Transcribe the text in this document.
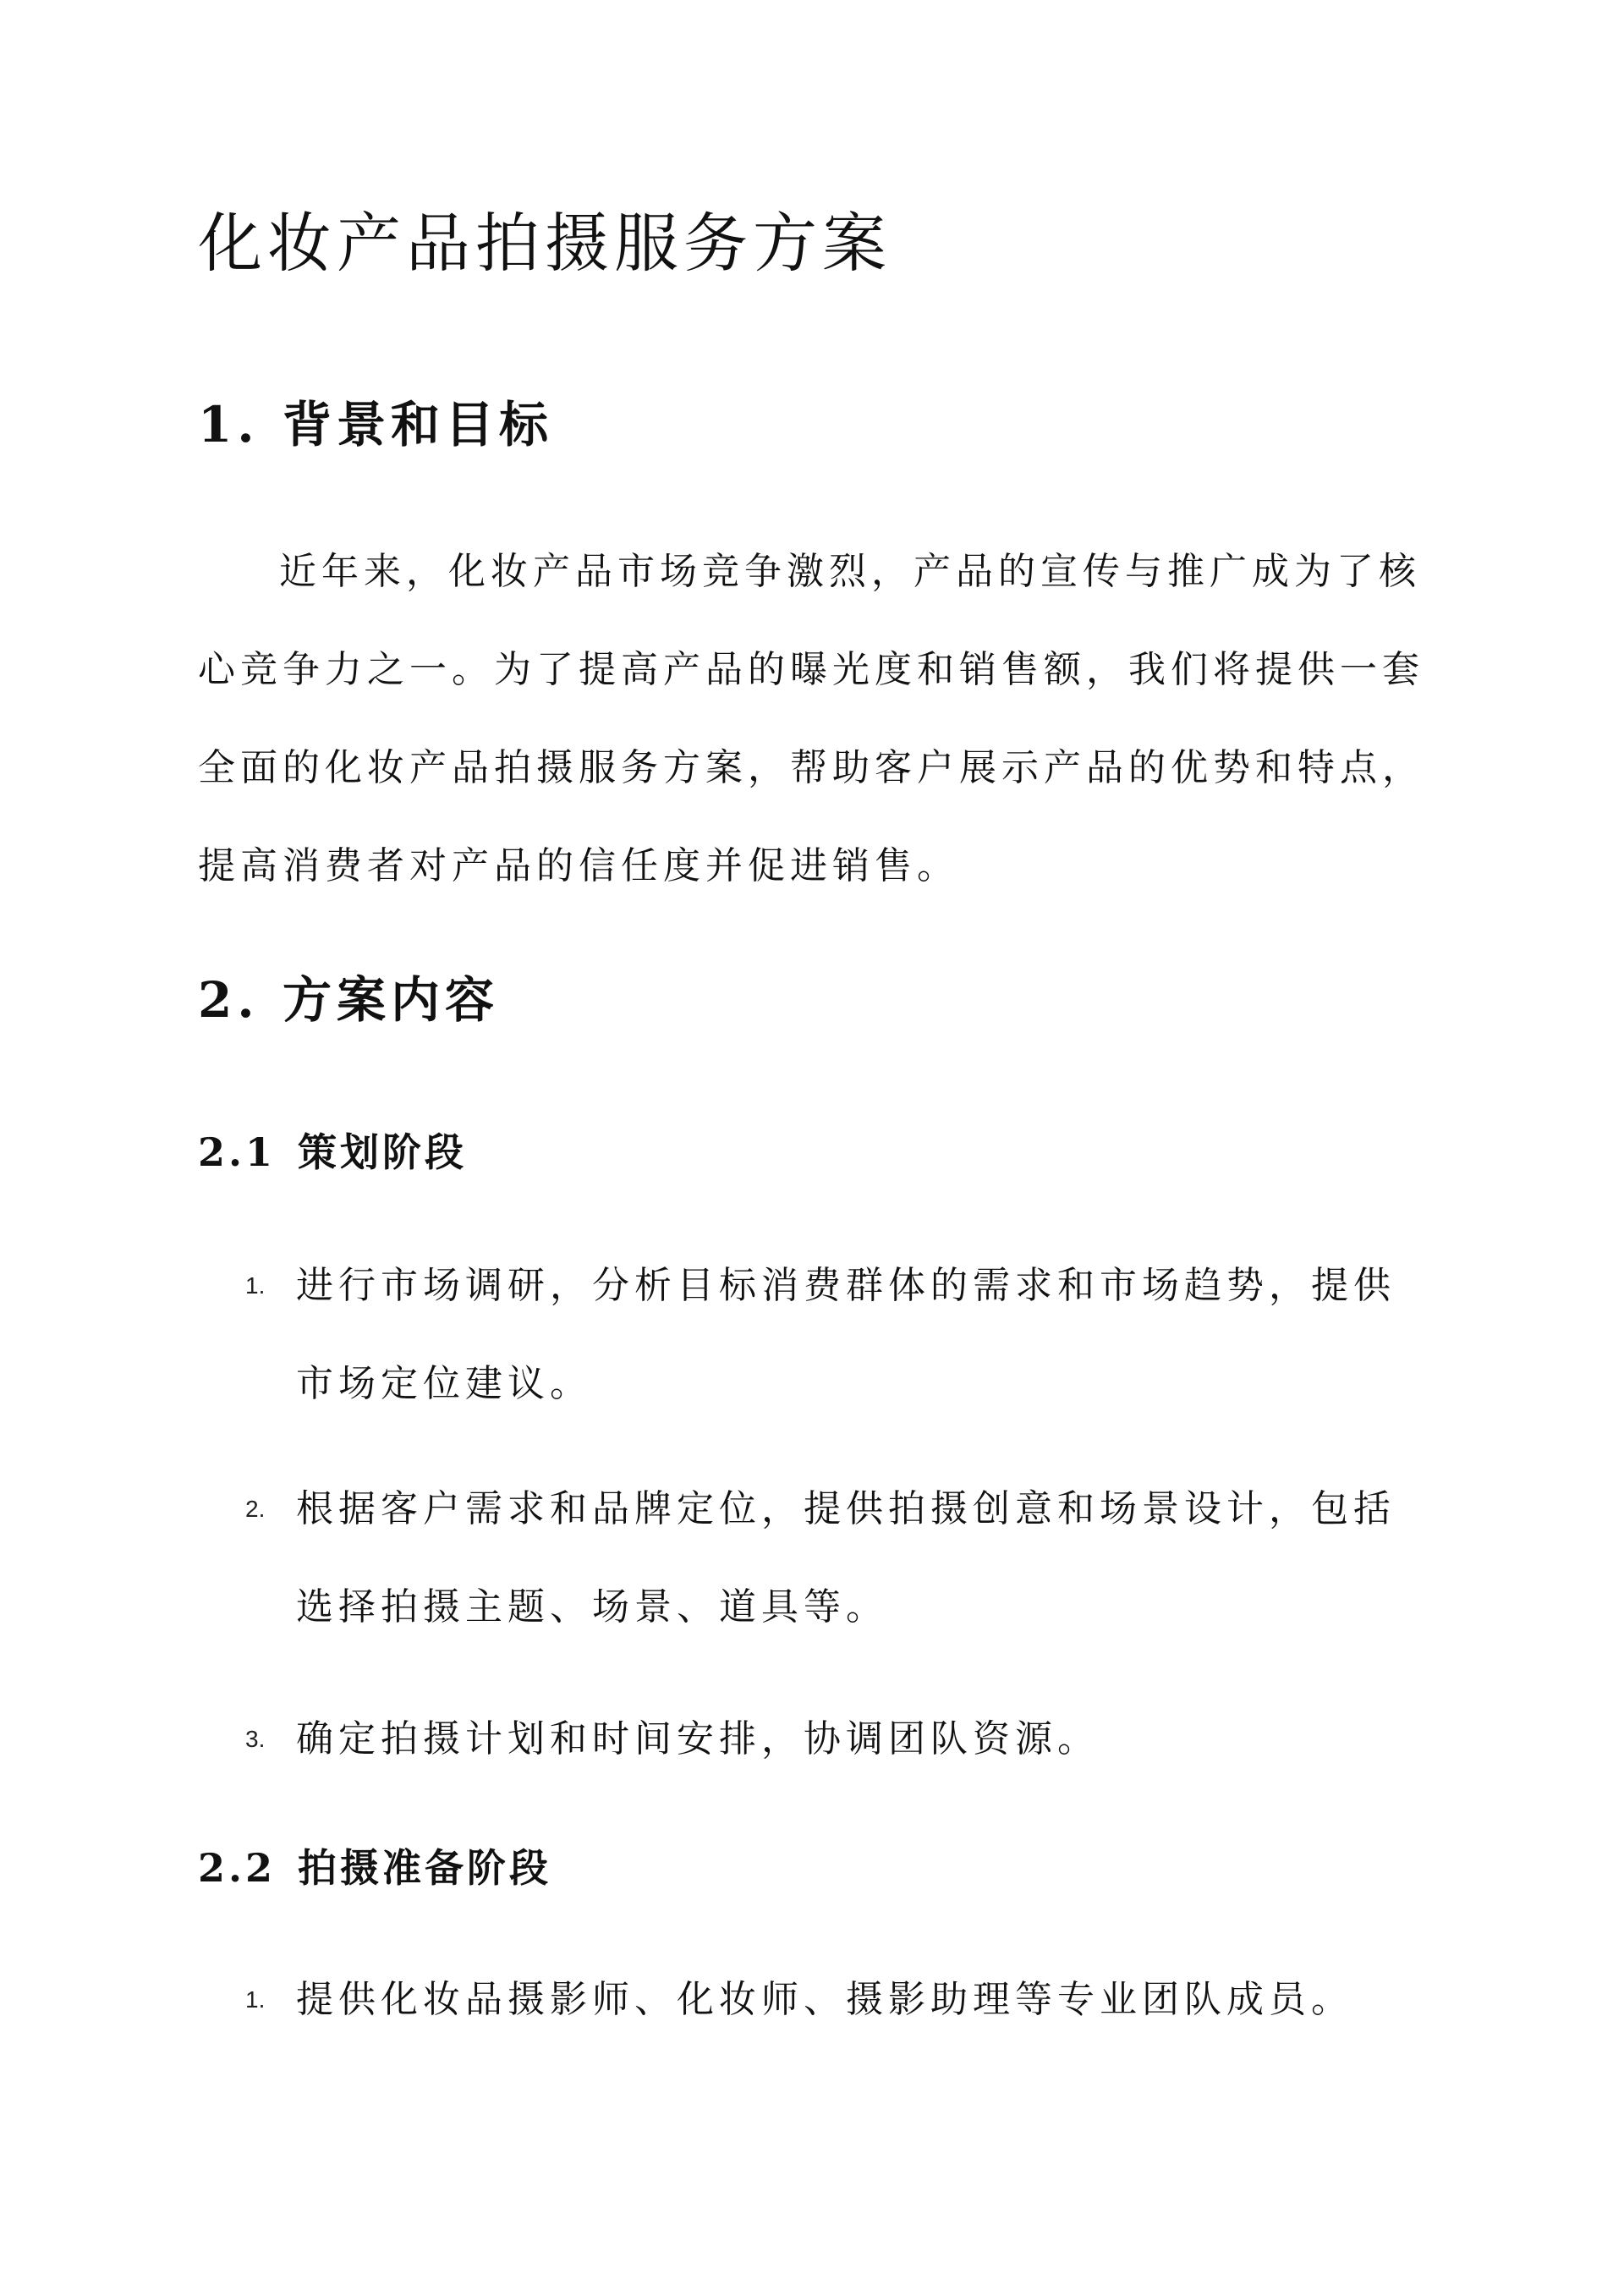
化妆产品拍摄服务方案
1. 背景和目标

近年来，化妆产品市场竞争激烈，产品的宣传与推广成为了核心竞争力之一。为了提高产品的曝光度和销售额，我们将提供一套全面的化妆产品拍摄服务方案，帮助客户展示产品的优势和特点，提高消费者对产品的信任度并促进销售。

2. 方案内容
2.1 策划阶段
1. 进行市场调研，分析目标消费群体的需求和市场趋势，提供市场定位建议。

2. 根据客户需求和品牌定位，提供拍摄创意和场景设计，包括选择拍摄主题、场景、道具等。

3. 确定拍摄计划和时间安排，协调团队资源。

2.2 拍摄准备阶段
1. 提供化妆品摄影师、化妆师、摄影助理等专业团队成员。
